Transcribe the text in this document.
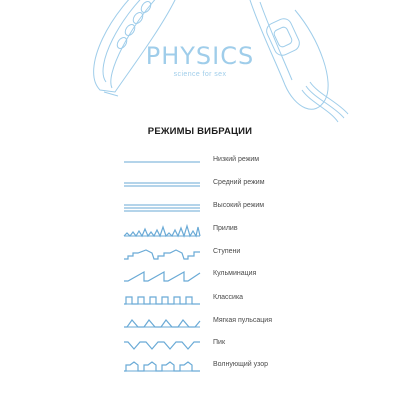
PHYSICS
science for sex
РЕЖИМЫ ВИБРАЦИИ
Низкий режим
Средний режим
Высокий режим
Прилив
Ступени
Кульминация
Классика
Мягкая пульсация
Пик
Волнующий узор
